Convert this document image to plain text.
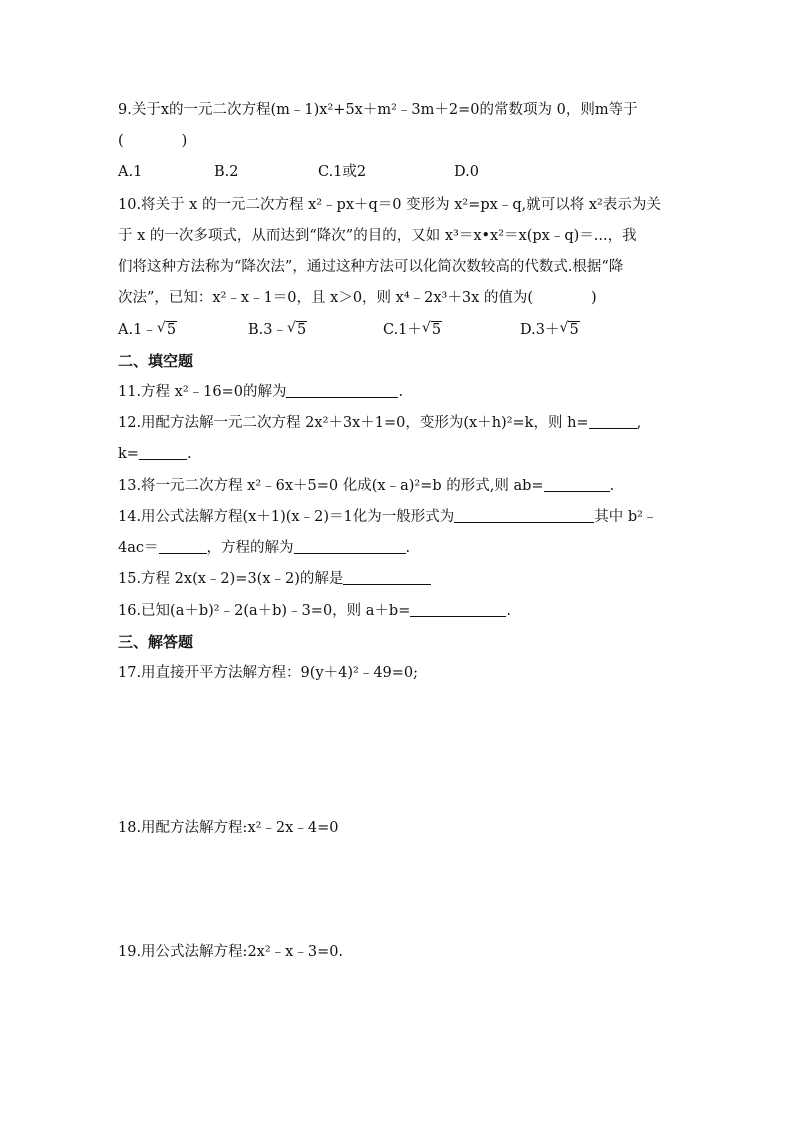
9.关于x的一元二次方程(m﹣1)x²+5x＋m²﹣3m＋2=0的常数项为 0，则m等于
(	)
A.1	B.2	C.1或2	D.0
10.将关于 x 的一元二次方程 x²﹣px＋q＝0 变形为 x²=px﹣q,就可以将 x²表示为关
于 x 的一次多项式，从而达到“降次”的目的，又如 x³＝x•x²＝x(px﹣q)＝...，我
们将这种方法称为“降次法”，通过这种方法可以化简次数较高的代数式.根据“降
次法”，已知：x²﹣x﹣1＝0，且 x＞0，则 x⁴﹣2x³＋3x 的值为(	)
A.1﹣ √ 5	B.3﹣ √ 5	C.1＋ √ 5	D.3＋ √ 5
二、填空题
11.方程 x²﹣16=0的解为	.
12.用配方法解一元二次方程 2x²＋3x＋1=0，变形为(x＋h)²=k，则 h=	,
k=	.
13.将一元二次方程 x²﹣6x＋5=0 化成(x﹣a)²=b 的形式,则 ab=	.
14.用公式法解方程(x＋1)(x﹣2)＝1化为一般形式为	其中 b²﹣
4ac＝	，方程的解为	.
15.方程 2x(x﹣2)=3(x﹣2)的解是
16.已知(a＋b)²﹣2(a＋b)﹣3=0，则 a＋b=	.
三、解答题
17.用直接开平方法解方程：9(y＋4)²﹣49=0;
18.用配方法解方程:x²﹣2x﹣4=0
19.用公式法解方程:2x²﹣x﹣3=0.
